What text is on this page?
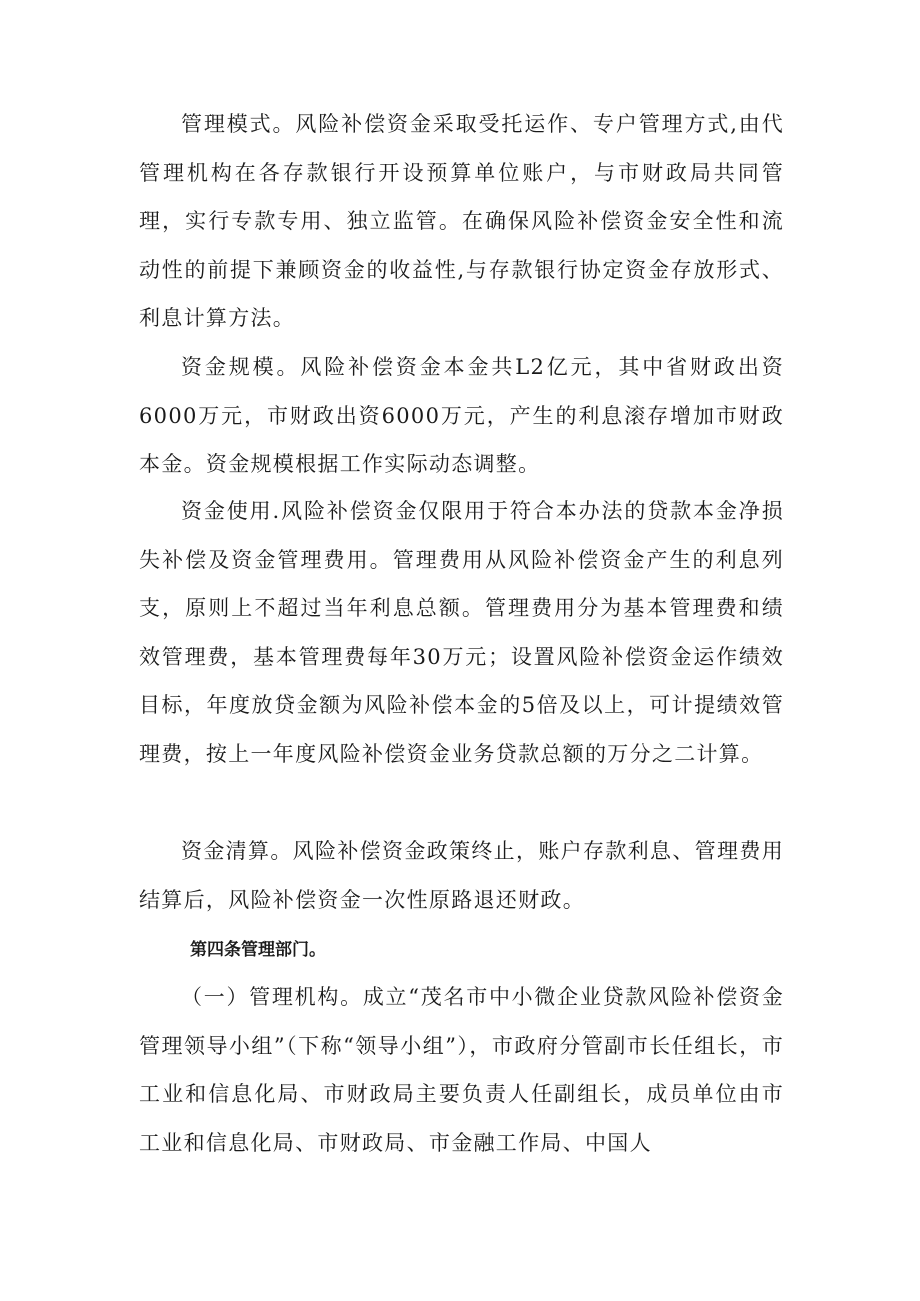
管理模式。风险补偿资金采取受托运作、专户管理方式,由代管理机构在各存款银行开设预算单位账户，与市财政局共同管理，实行专款专用、独立监管。在确保风险补偿资金安全性和流动性的前提下兼顾资金的收益性,与存款银行协定资金存放形式、利息计算方法。

资金规模。风险补偿资金本金共L2亿元，其中省财政出资6000万元，市财政出资6000万元，产生的利息滚存增加市财政本金。资金规模根据工作实际动态调整。

资金使用.风险补偿资金仅限用于符合本办法的贷款本金净损失补偿及资金管理费用。管理费用从风险补偿资金产生的利息列支，原则上不超过当年利息总额。管理费用分为基本管理费和绩效管理费，基本管理费每年30万元；设置风险补偿资金运作绩效目标，年度放贷金额为风险补偿本金的5倍及以上，可计提绩效管理费，按上一年度风险补偿资金业务贷款总额的万分之二计算。

资金清算。风险补偿资金政策终止，账户存款利息、管理费用结算后，风险补偿资金一次性原路退还财政。

第四条管理部门。

（一）管理机构。成立“茂名市中小微企业贷款风险补偿资金管理领导小组”（下称“领导小组”），市政府分管副市长任组长，市工业和信息化局、市财政局主要负责人任副组长，成员单位由市工业和信息化局、市财政局、市金融工作局、中国人
